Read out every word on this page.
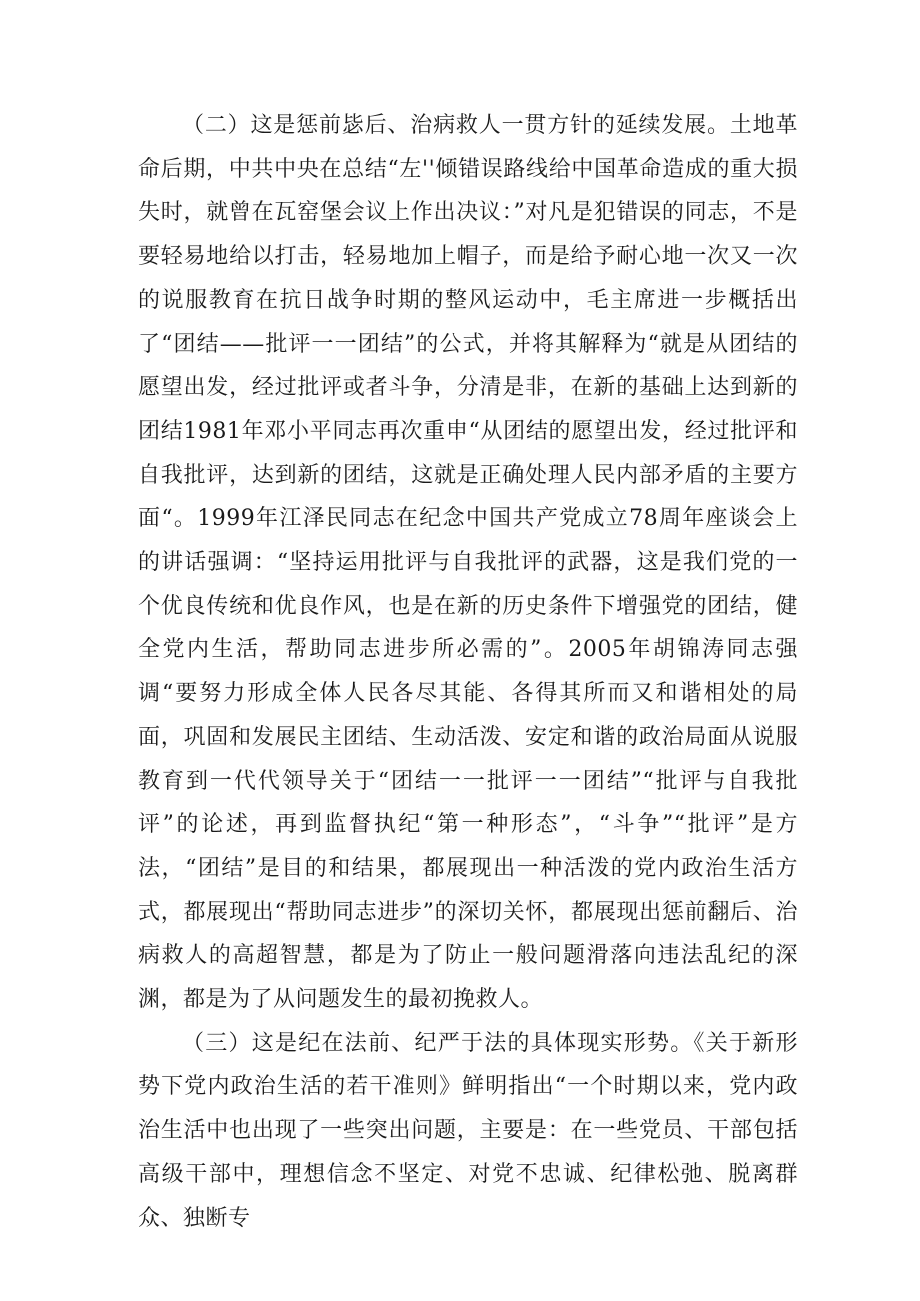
（二）这是惩前毖后、治病救人一贯方针的延续发展。土地革命后期，中共中央在总结“左''倾错误路线给中国革命造成的重大损失时，就曾在瓦窑堡会议上作出决议：”对凡是犯错误的同志，不是要轻易地给以打击，轻易地加上帽子，而是给予耐心地一次又一次的说服教育在抗日战争时期的整风运动中，毛主席进一步概括出了“团结——批评一一团结”的公式，并将其解释为“就是从团结的愿望出发，经过批评或者斗争，分清是非，在新的基础上达到新的团结1981年邓小平同志再次重申“从团结的愿望出发，经过批评和自我批评，达到新的团结，这就是正确处理人民内部矛盾的主要方面“。1999年江泽民同志在纪念中国共产党成立78周年座谈会上的讲话强调：“坚持运用批评与自我批评的武器，这是我们党的一个优良传统和优良作风，也是在新的历史条件下增强党的团结，健全党内生活，帮助同志进步所必需的”。2005年胡锦涛同志强调“要努力形成全体人民各尽其能、各得其所而又和谐相处的局面，巩固和发展民主团结、生动活泼、安定和谐的政治局面从说服教育到一代代领导关于“团结一一批评一一团结”“批评与自我批评”的论述，再到监督执纪“第一种形态”，“斗争”“批评”是方法，“团结”是目的和结果，都展现出一种活泼的党内政治生活方式，都展现出“帮助同志进步”的深切关怀，都展现出惩前翻后、治病救人的高超智慧，都是为了防止一般问题滑落向违法乱纪的深渊，都是为了从问题发生的最初挽救人。

（三）这是纪在法前、纪严于法的具体现实形势。《关于新形势下党内政治生活的若干准则》鲜明指出“一个时期以来，党内政治生活中也出现了一些突出问题，主要是：在一些党员、干部包括高级干部中，理想信念不坚定、对党不忠诚、纪律松弛、脱离群众、独断专
